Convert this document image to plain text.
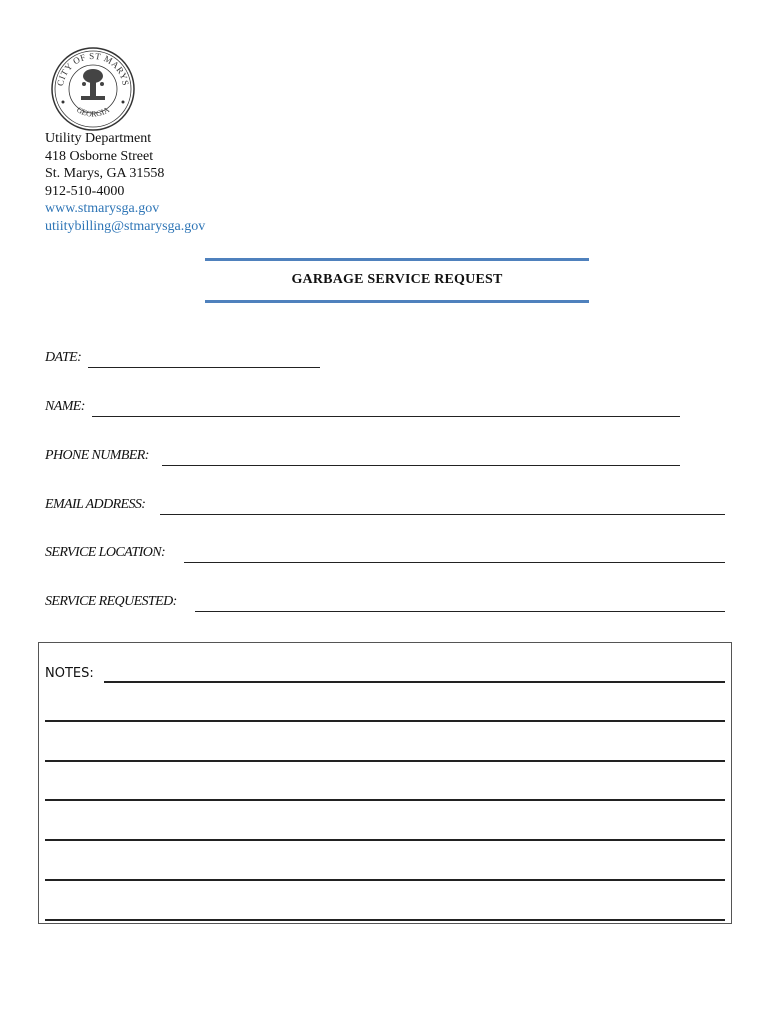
CITY OF ST MARYS
GEORGIA
Utility Department
418 Osborne Street
St. Marys, GA 31558
912-510-4000
www.stmarysga.gov
utiitybilling@stmarysga.gov
GARBAGE SERVICE REQUEST
DATE:
NAME:
PHONE NUMBER:
EMAIL ADDRESS:
SERVICE LOCATION:
SERVICE REQUESTED:
NOTES:
